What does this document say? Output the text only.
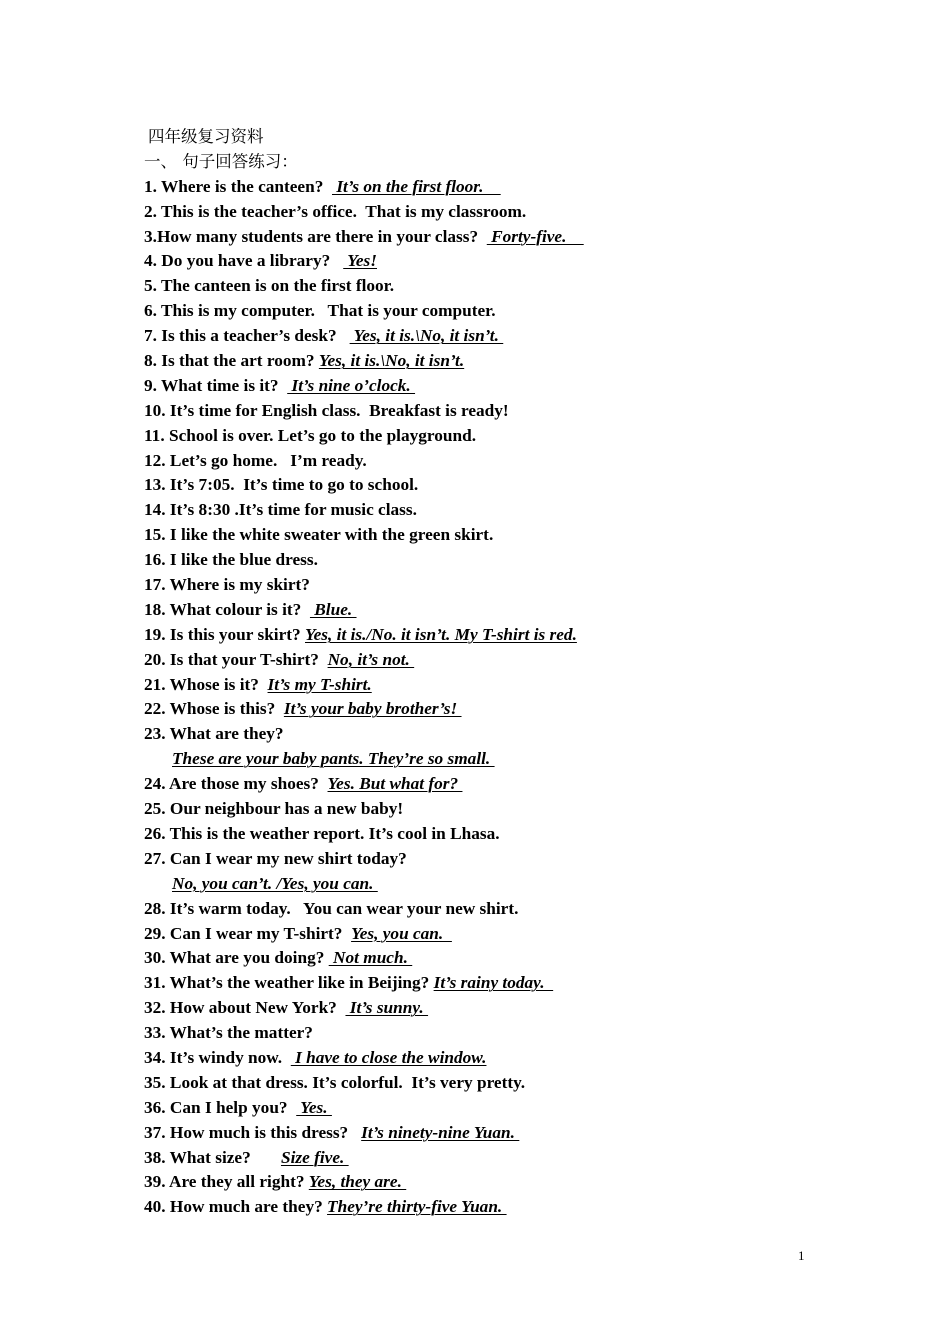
四年级复习资料
一、 句子回答练习：
1. Where is the canteen?   It’s on the first floor.
2. This is the teacher’s office.  That is my classroom.
3.How many students are there in your class?   Forty-five.
4. Do you have a library?    Yes!
5. The canteen is on the first floor.
6. This is my computer.   That is your computer.
7. Is this a teacher’s desk?    Yes, it is.\No, it isn’t.
8. Is that the art room? Yes, it is.\No, it isn’t.
9. What time is it?   It’s nine o’clock.
10. It’s time for English class.  Breakfast is ready!
11. School is over. Let’s go to the playground.
12. Let’s go home.   I’m ready.
13. It’s 7:05.  It’s time to go to school.
14. It’s 8:30 .It’s time for music class.
15. I like the white sweater with the green skirt.
16. I like the blue dress.
17. Where is my skirt?
18. What colour is it?   Blue.
19. Is this your skirt? Yes, it is./No. it isn’t. My T-shirt is red.
20. Is that your T-shirt?  No, it’s not.
21. Whose is it?  It’s my T-shirt.
22. Whose is this?  It’s your baby brother’s!
23. What are they?
These are your baby pants. They’re so small.
24. Are those my shoes?  Yes. But what for?
25. Our neighbour has a new baby!
26. This is the weather report. It’s cool in Lhasa.
27. Can I wear my new shirt today?
No, you can’t. /Yes, you can.
28. It’s warm today.   You can wear your new shirt.
29. Can I wear my T-shirt?  Yes, you can.
30. What are you doing?  Not much.
31. What’s the weather like in Beijing? It’s rainy today.
32. How about New York?   It’s sunny.
33. What’s the matter?
34. It’s windy now.   I have to close the window.
35. Look at that dress. It’s colorful.  It’s very pretty.
36. Can I help you?   Yes.
37. How much is this dress?   It’s ninety-nine Yuan.
38. What size?       Size five.
39. Are they all right? Yes, they are.
40. How much are they? They’re thirty-five Yuan.
1
